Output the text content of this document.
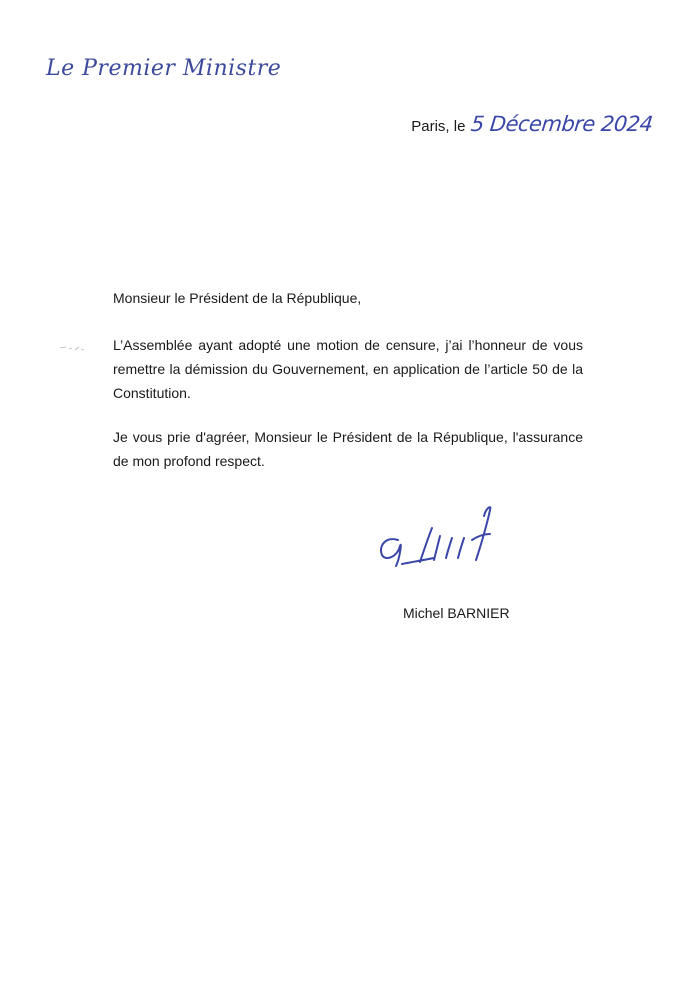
Le Premier Ministre
Paris, le 5 Décembre 2024
Monsieur le Président de la République,

L’Assemblée ayant adopté une motion de censure, j’ai l’honneur de vous remettre la démission du Gouvernement, en application de l’article 50 de la Constitution.

Je vous prie d'agréer, Monsieur le Président de la République, l'assurance de mon profond respect.

Michel BARNIER
